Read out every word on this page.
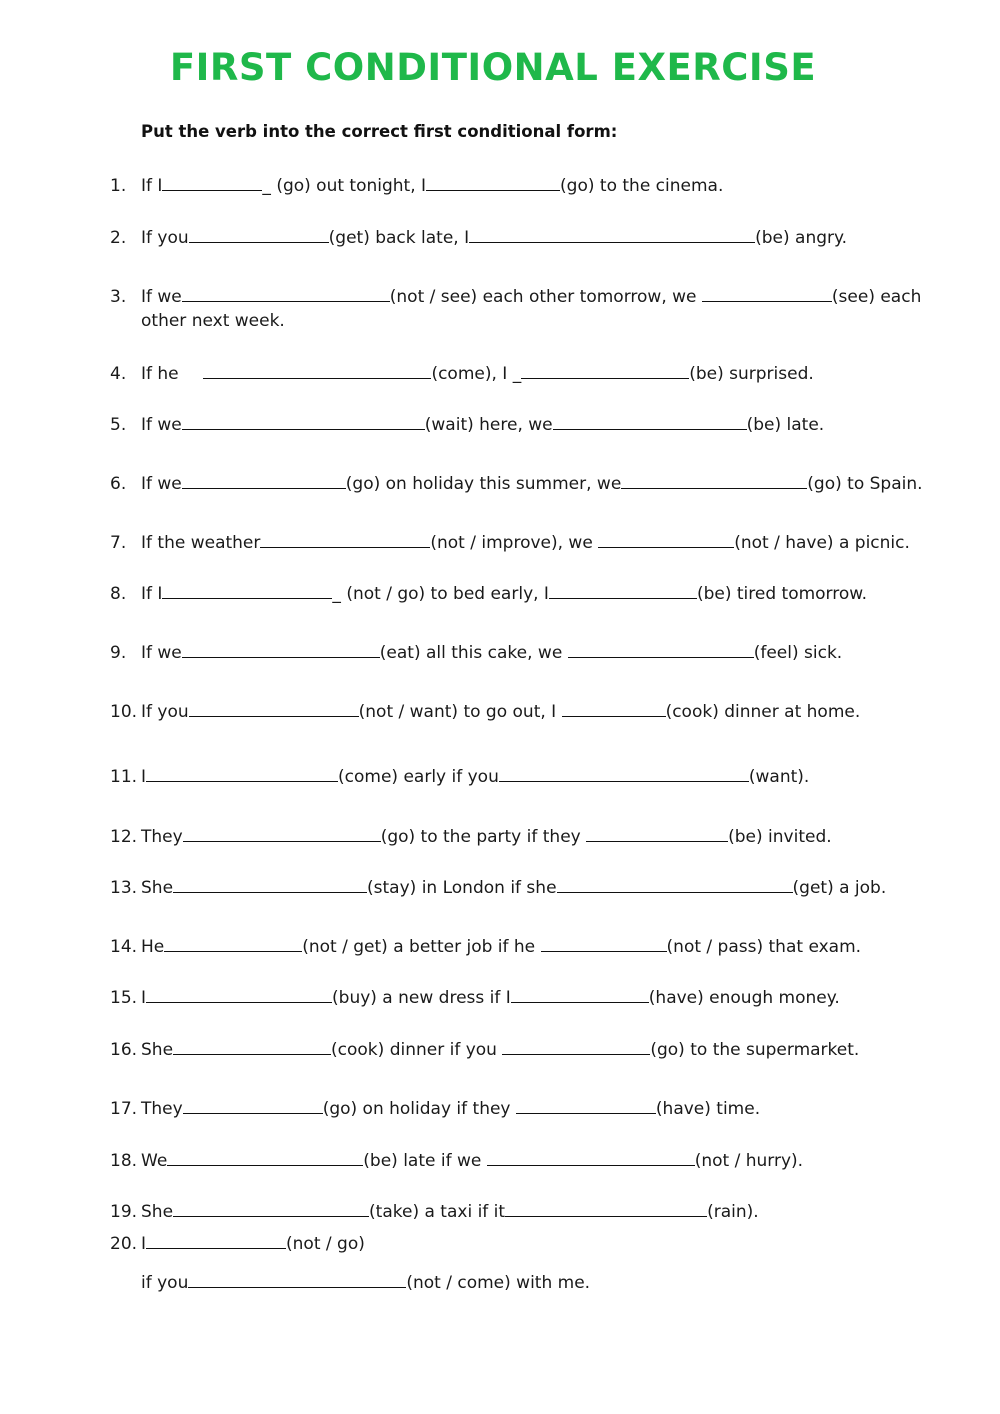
FIRST CONDITIONAL EXERCISE
Put the verb into the correct first conditional form:
1. If I	_ (go) out tonight, I	(go) to the cinema.
2. If you	(get) back late, I	(be) angry.
3. If we	(not / see) each other tomorrow, we	(see) each
other next week.
4. If he	(come), I _	(be) surprised.
5. If we	(wait) here, we	(be) late.
6. If we	(go) on holiday this summer, we	(go) to Spain.
7. If the weather	(not / improve), we	(not / have) a picnic.
8. If I	_ (not / go) to bed early, I	(be) tired tomorrow.
9. If we	(eat) all this cake, we	(feel) sick.
10. If you	(not / want) to go out, I	(cook) dinner at home.
11. I	(come) early if you	(want).
12. They	(go) to the party if they	(be) invited.
13. She	(stay) in London if she	(get) a job.
14. He	(not / get) a better job if he	(not / pass) that exam.
15. I	(buy) a new dress if I	(have) enough money.
16. She	(cook) dinner if you	(go) to the supermarket.
17. They	(go) on holiday if they	(have) time.
18. We	(be) late if we	(not / hurry).
19. She	(take) a taxi if it	(rain).
20. I	(not / go)
if you	(not / come) with me.
